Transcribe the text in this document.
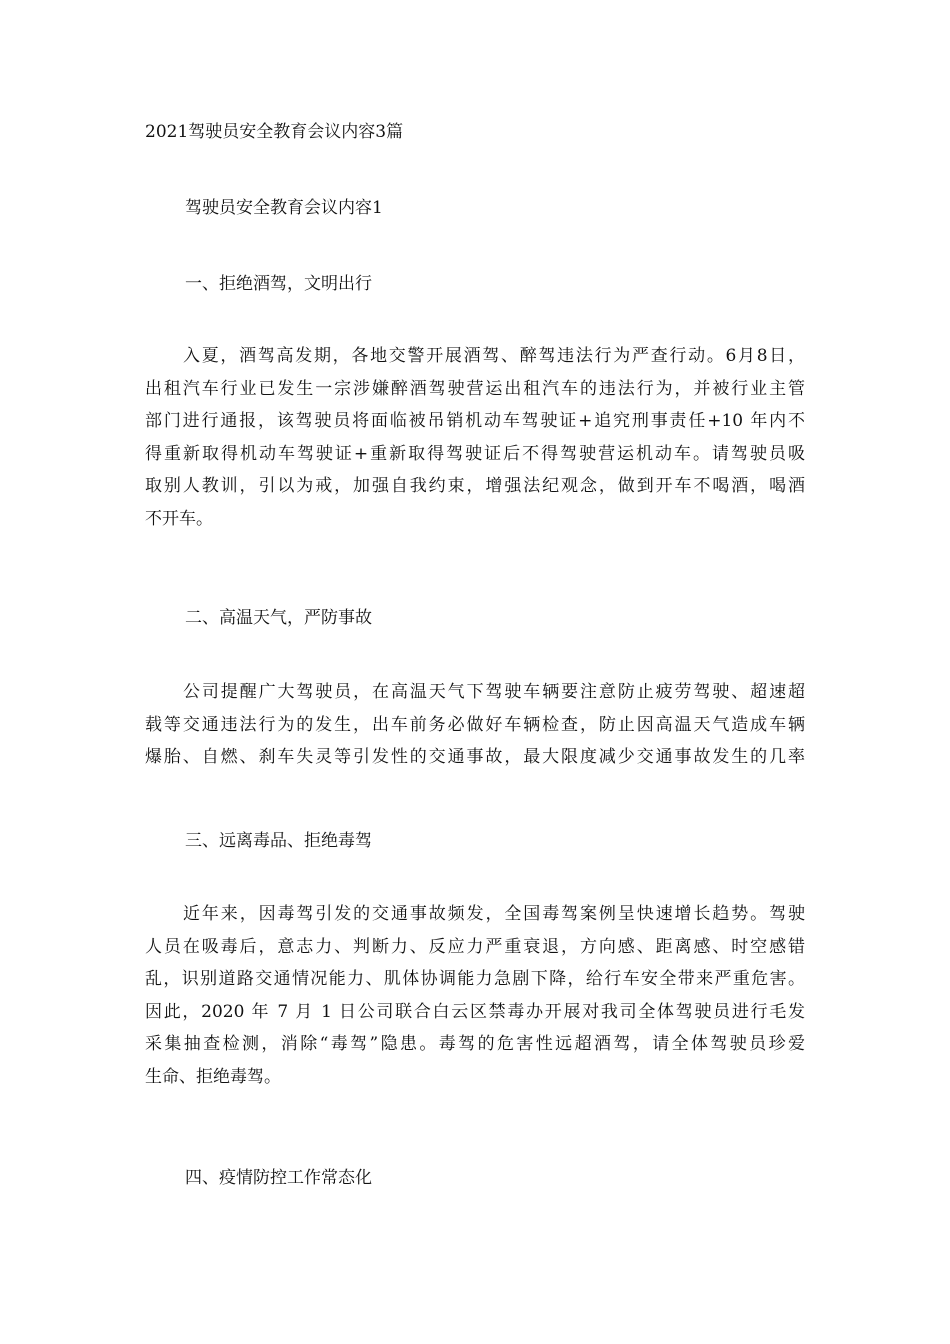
2021驾驶员安全教育会议内容3篇
驾驶员安全教育会议内容1
一、拒绝酒驾，文明出行

入夏，酒驾高发期，各地交警开展酒驾、醉驾违法行为严查行动。6月8日，
出租汽车行业已发生一宗涉嫌醉酒驾驶营运出租汽车的违法行为，并被行业主管
部门进行通报，该驾驶员将面临被吊销机动车驾驶证+追究刑事责任+10 年内不
得重新取得机动车驾驶证+重新取得驾驶证后不得驾驶营运机动车。请驾驶员吸
取别人教训，引以为戒，加强自我约束，增强法纪观念，做到开车不喝酒，喝酒
不开车。

二、高温天气，严防事故

公司提醒广大驾驶员，在高温天气下驾驶车辆要注意防止疲劳驾驶、超速超
载等交通违法行为的发生，出车前务必做好车辆检查，防止因高温天气造成车辆
爆胎、自燃、刹车失灵等引发性的交通事故，最大限度减少交通事故发生的几率

三、远离毒品、拒绝毒驾

近年来，因毒驾引发的交通事故频发，全国毒驾案例呈快速增长趋势。驾驶
人员在吸毒后，意志力、判断力、反应力严重衰退，方向感、距离感、时空感错
乱，识别道路交通情况能力、肌体协调能力急剧下降，给行车安全带来严重危害。
因此，2020 年 7 月 1 日公司联合白云区禁毒办开展对我司全体驾驶员进行毛发
采集抽查检测，消除“毒驾”隐患。毒驾的危害性远超酒驾，请全体驾驶员珍爱
生命、拒绝毒驾。

四、疫情防控工作常态化
